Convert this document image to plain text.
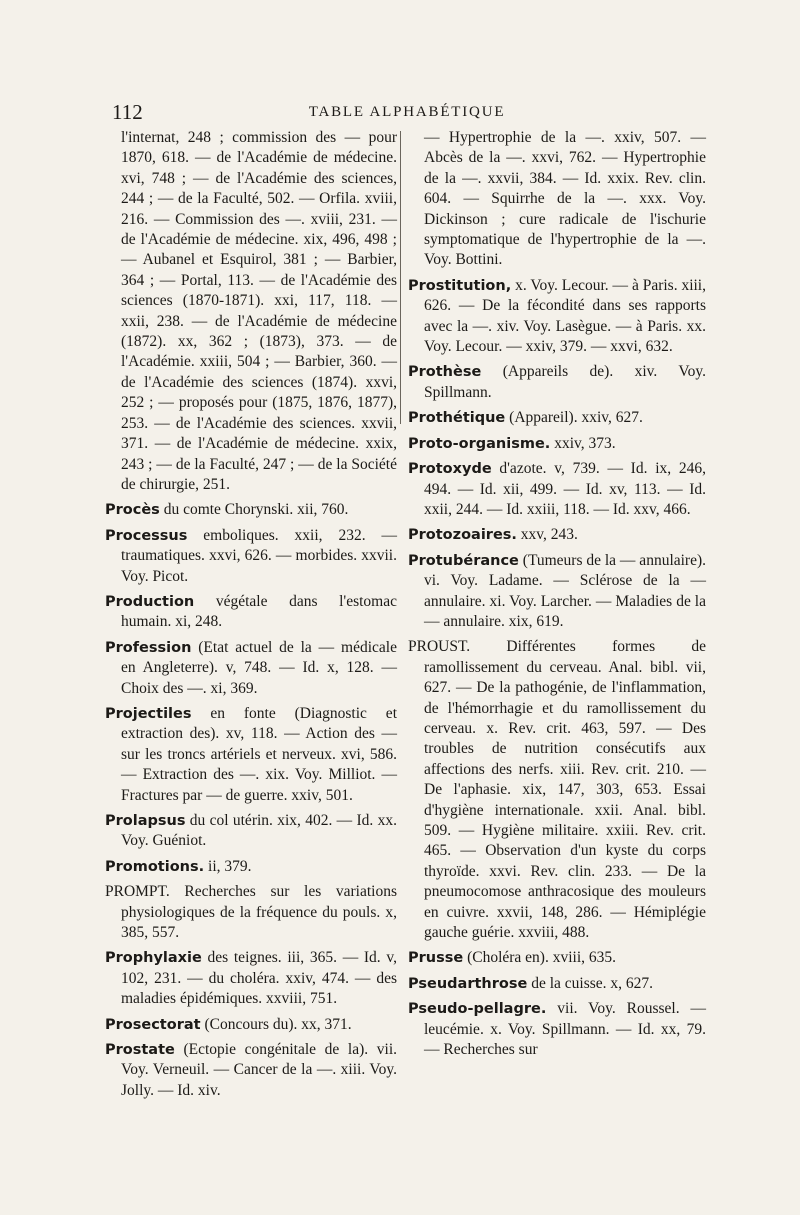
112	TABLE ALPHABÉTIQUE
l'internat, 248 ; commission des — pour 1870, 618. — de l'Académie de médecine. xvi, 748 ; — de l'Académie des sciences, 244 ; — de la Faculté, 502. — Orfila. xviii, 216. — Commission des —. xviii, 231. — de l'Académie de médecine. xix, 496, 498 ; — Aubanel et Esquirol, 381 ; — Barbier, 364 ; — Portal, 113. — de l'Académie des sciences (1870-1871). xxi, 117, 118. — xxii, 238. — de l'Académie de médecine (1872). xx, 362 ; (1873), 373. — de l'Académie. xxiii, 504 ; — Barbier, 360. — de l'Académie des sciences (1874). xxvi, 252 ; — proposés pour (1875, 1876, 1877), 253. — de l'Académie des sciences. xxvii, 371. — de l'Académie de médecine. xxix, 243 ; — de la Faculté, 247 ; — de la Société de chirurgie, 251.
Procès du comte Chorynski. xii, 760.
Processus emboliques. xxii, 232. — traumatiques. xxvi, 626. — morbides. xxvii. Voy. Picot.
Production végétale dans l'estomac humain. xi, 248.
Profession (Etat actuel de la — médicale en Angleterre). v, 748. — Id. x, 128. — Choix des —. xi, 369.
Projectiles en fonte (Diagnostic et extraction des). xv, 118. — Action des — sur les troncs artériels et nerveux. xvi, 586. — Extraction des —. xix. Voy. Milliot. — Fractures par — de guerre. xxiv, 501.
Prolapsus du col utérin. xix, 402. — Id. xx. Voy. Guéniot.
Promotions. ii, 379.
PROMPT. Recherches sur les variations physiologiques de la fréquence du pouls. x, 385, 557.
Prophylaxie des teignes. iii, 365. — Id. v, 102, 231. — du choléra. xxiv, 474. — des maladies épidémiques. xxviii, 751.
Prosectorat (Concours du). xx, 371.
Prostate (Ectopie congénitale de la). vii. Voy. Verneuil. — Cancer de la —. xiii. Voy. Jolly. — Id. xiv.
— Hypertrophie de la —. xxiv, 507. — Abcès de la —. xxvi, 762. — Hypertrophie de la —. xxvii, 384. — Id. xxix. Rev. clin. 604. — Squirrhe de la —. xxx. Voy. Dickinson ; cure radicale de l'ischurie symptomatique de l'hypertrophie de la —. Voy. Bottini.
Prostitution, x. Voy. Lecour. — à Paris. xiii, 626. — De la fécondité dans ses rapports avec la —. xiv. Voy. Lasègue. — à Paris. xx. Voy. Lecour. — xxiv, 379. — xxvi, 632.
Prothèse (Appareils de). xiv. Voy. Spillmann.
Prothétique (Appareil). xxiv, 627.
Proto-organisme. xxiv, 373.
Protoxyde d'azote. v, 739. — Id. ix, 246, 494. — Id. xii, 499. — Id. xv, 113. — Id. xxii, 244. — Id. xxiii, 118. — Id. xxv, 466.
Protozoaires. xxv, 243.
Protubérance (Tumeurs de la — annulaire). vi. Voy. Ladame. — Sclérose de la — annulaire. xi. Voy. Larcher. — Maladies de la — annulaire. xix, 619.
PROUST. Différentes formes de ramollissement du cerveau. Anal. bibl. vii, 627. — De la pathogénie, de l'inflammation, de l'hémorrhagie et du ramollissement du cerveau. x. Rev. crit. 463, 597. — Des troubles de nutrition consécutifs aux affections des nerfs. xiii. Rev. crit. 210. — De l'aphasie. xix, 147, 303, 653. Essai d'hygiène internationale. xxii. Anal. bibl. 509. — Hygiène militaire. xxiii. Rev. crit. 465. — Observation d'un kyste du corps thyroïde. xxvi. Rev. clin. 233. — De la pneumocomose anthracosique des mouleurs en cuivre. xxvii, 148, 286. — Hémiplégie gauche guérie. xxviii, 488.
Prusse (Choléra en). xviii, 635.
Pseudarthrose de la cuisse. x, 627.
Pseudo-pellagre. vii. Voy. Roussel. — leucémie. x. Voy. Spillmann. — Id. xx, 79. — Recherches sur
